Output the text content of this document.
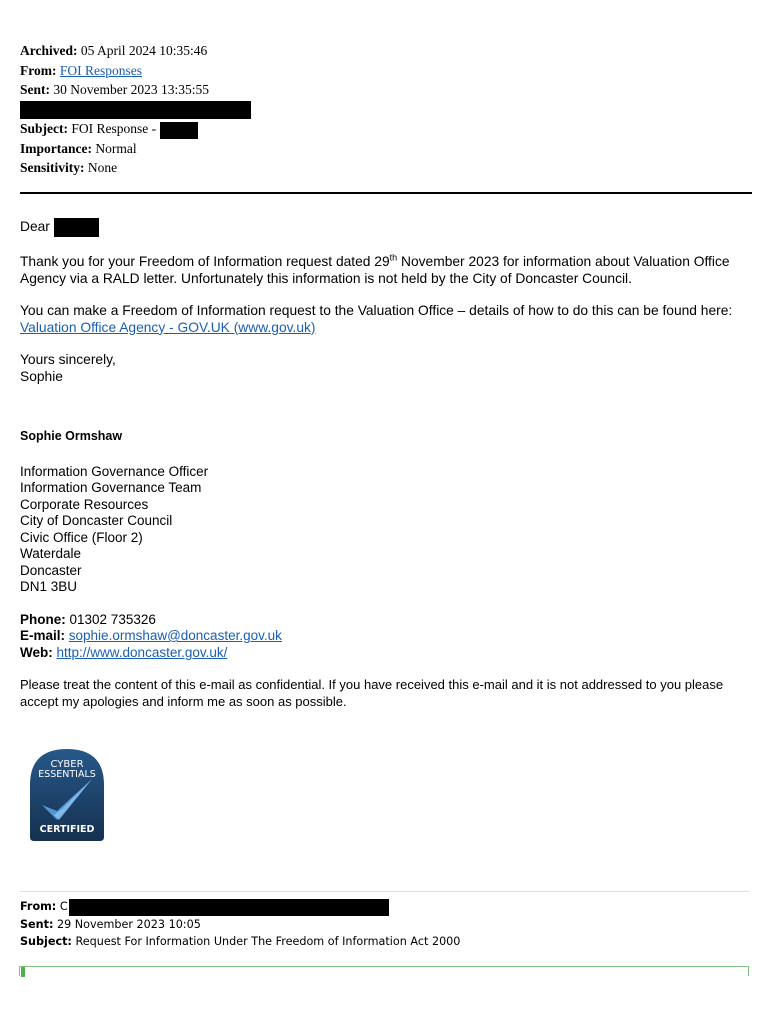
Archived: 05 April 2024 10:35:46
From: FOI Responses
Sent: 30 November 2023 13:35:55
Subject: FOI Response -
Importance: Normal
Sensitivity: None

Dear

Thank you for your Freedom of Information request dated 29th November 2023 for information about Valuation Office Agency via a RALD letter. Unfortunately this information is not held by the City of Doncaster Council.

You can make a Freedom of Information request to the Valuation Office – details of how to do this can be found here: Valuation Office Agency - GOV.UK (www.gov.uk)

Yours sincerely,
Sophie

Sophie Ormshaw

Information Governance Officer
Information Governance Team
Corporate Resources
City of Doncaster Council
Civic Office (Floor 2)
Waterdale
Doncaster
DN1 3BU
Phone: 01302 735326
E-mail: sophie.ormshaw@doncaster.gov.uk
Web: http://www.doncaster.gov.uk/

Please treat the content of this e-mail as confidential. If you have received this e-mail and it is not addressed to you please accept my apologies and inform me as soon as possible.

CYBER
ESSENTIALS
CERTIFIED
From: C
Sent: 29 November 2023 10:05
Subject: Request For Information Under The Freedom of Information Act 2000
